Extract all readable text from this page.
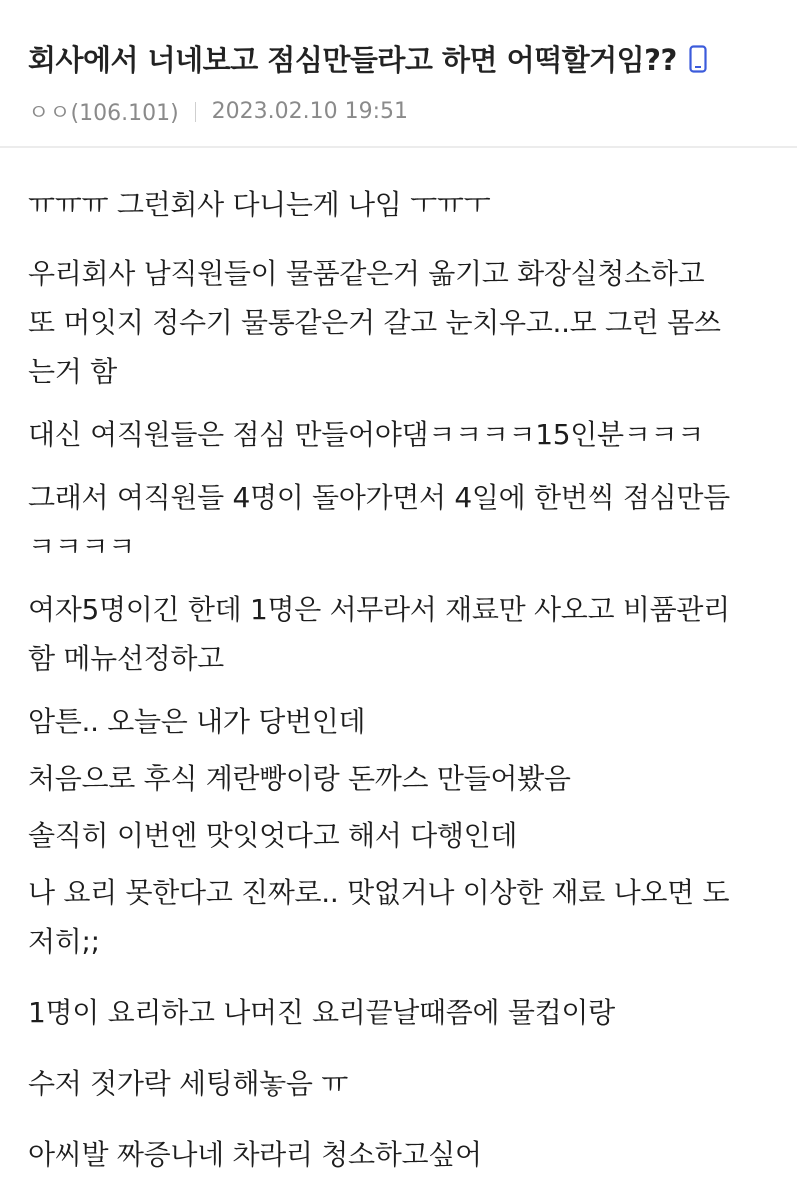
회사에서 너네보고 점심만들라고 하면 어떡할거임??
ㅇㅇ(106.101) 2023.02.10 19:51

ㅠㅠㅠ 그런회사 다니는게 나임 ㅜㅠㅜ

우리회사 남직원들이 물품같은거 옮기고 화장실청소하고
또 머잇지 정수기 물통같은거 갈고 눈치우고..모 그런 몸쓰
는거 함

대신 여직원들은 점심 만들어야댐ㅋㅋㅋㅋ15인분ㅋㅋㅋ

그래서 여직원들 4명이 돌아가면서 4일에 한번씩 점심만듬
ㅋㅋㅋㅋ

여자5명이긴 한데 1명은 서무라서 재료만 사오고 비품관리
함 메뉴선정하고

암튼.. 오늘은 내가 당번인데

처음으로 후식 계란빵이랑 돈까스 만들어봤음

솔직히 이번엔 맛잇엇다고 해서 다행인데

나 요리 못한다고 진짜로.. 맛없거나 이상한 재료 나오면 도
저히;;

1명이 요리하고 나머진 요리끝날때쯤에 물컵이랑

수저 젓가락 세팅해놓음 ㅠ

아씨발 짜증나네 차라리 청소하고싶어
